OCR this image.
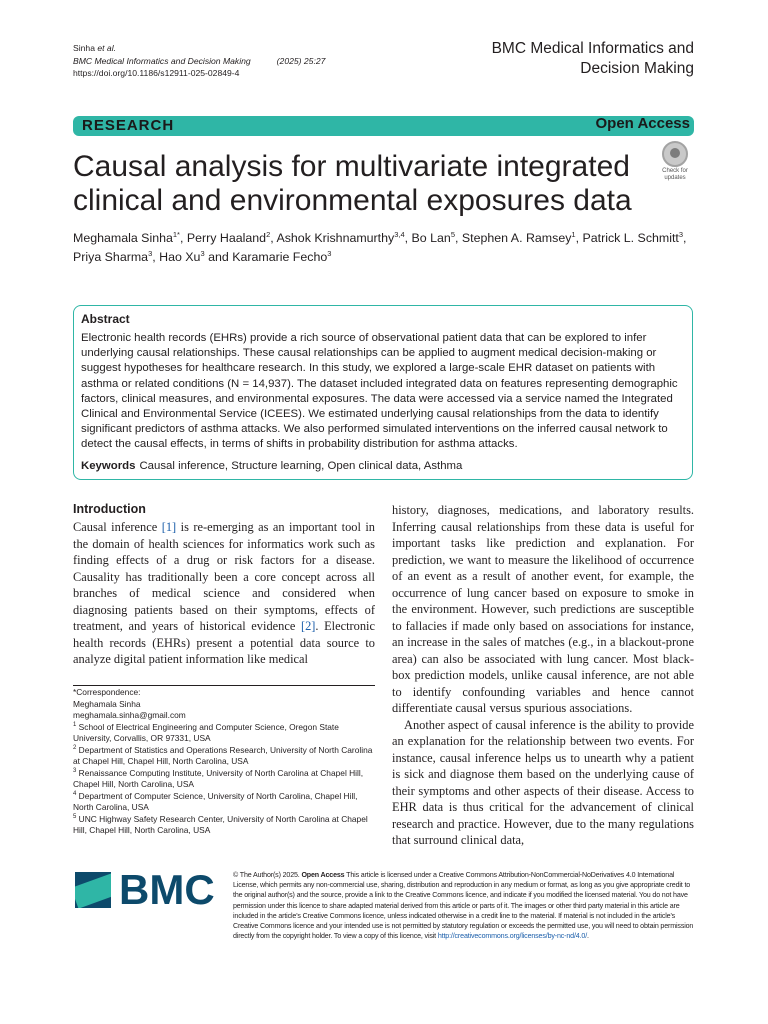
Sinha et al.
BMC Medical Informatics and Decision Making	(2025) 25:27
https://doi.org/10.1186/s12911-025-02849-4
BMC Medical Informatics and
Decision Making
RESEARCH	Open Access
Causal analysis for multivariate integrated clinical and environmental exposures data
Check for
updates
Meghamala Sinha$^{1*}$, Perry Haaland$^2$, Ashok Krishnamurthy$^{3,4}$, Bo Lan$^5$, Stephen A. Ramsey$^1$, Patrick L. Schmitt$^3$, Priya Sharma$^3$, Hao Xu$^3$ and Karamarie Fecho$^3$
Abstract
Electronic health records (EHRs) provide a rich source of observational patient data that can be explored to infer underlying causal relationships. These causal relationships can be applied to augment medical decision-making or suggest hypotheses for healthcare research. In this study, we explored a large-scale EHR dataset on patients with asthma or related conditions (N = 14,937). The dataset included integrated data on features representing demographic factors, clinical measures, and environmental exposures. The data were accessed via a service named the Integrated Clinical and Environmental Service (ICEES). We estimated underlying causal relationships from the data to identify significant predictors of asthma attacks. We also performed simulated interventions on the inferred causal network to detect the causal effects, in terms of shifts in probability distribution for asthma attacks.
Keywords Causal inference, Structure learning, Open clinical data, Asthma
Introduction
Causal inference [1] is re-emerging as an important tool in the domain of health sciences for informatics work such as finding effects of a drug or risk factors for a disease. Causality has traditionally been a core concept across all branches of medical science and considered when diagnosing patients based on their symptoms, effects of treatment, and years of historical evidence [2]. Electronic health records (EHRs) present a potential data source to analyze digital patient information like medical

history, diagnoses, medications, and laboratory results. Inferring causal relationships from these data is useful for important tasks like prediction and explanation. For prediction, we want to measure the likelihood of occurrence of an event as a result of another event, for example, the occurrence of lung cancer based on exposure to smoke in the environment. However, such predictions are susceptible to fallacies if made only based on associations for instance, an increase in the sales of matches (e.g., in a blackout-prone area) can also be associated with lung cancer. Most black-box prediction models, unlike causal inference, are not able to identify confounding variables and hence cannot differentiate causal versus spurious associations.

Another aspect of causal inference is the ability to provide an explanation for the relationship between two events. For instance, causal inference helps us to unearth why a patient is sick and diagnose them based on the underlying cause of their symptoms and other aspects of their disease. Access to EHR data is thus critical for the advancement of clinical research and practice. However, due to the many regulations that surround clinical data,

*Correspondence:
Meghamala Sinha
meghamala.sinha@gmail.com
$^1$ School of Electrical Engineering and Computer Science, Oregon State University, Corvallis, OR 97331, USA
$^2$ Department of Statistics and Operations Research, University of North Carolina at Chapel Hill, Chapel Hill, North Carolina, USA
$^3$ Renaissance Computing Institute, University of North Carolina at Chapel Hill, Chapel Hill, North Carolina, USA
$^4$ Department of Computer Science, University of North Carolina, Chapel Hill, North Carolina, USA
$^5$ UNC Highway Safety Research Center, University of North Carolina at Chapel Hill, Chapel Hill, North Carolina, USA
BMC	© The Author(s) 2025. Open Access This article is licensed under a Creative Commons Attribution-NonCommercial-NoDerivatives 4.0 International License, which permits any non-commercial use, sharing, distribution and reproduction in any medium or format, as long as you give appropriate credit to the original author(s) and the source, provide a link to the Creative Commons licence, and indicate if you modified the licensed material. You do not have permission under this licence to share adapted material derived from this article or parts of it. The images or other third party material in this article are included in the article's Creative Commons licence, unless indicated otherwise in a credit line to the material. If material is not included in the article's Creative Commons licence and your intended use is not permitted by statutory regulation or exceeds the permitted use, you will need to obtain permission directly from the copyright holder. To view a copy of this licence, visit http://creativecommons.org/licenses/by-nc-nd/4.0/.
